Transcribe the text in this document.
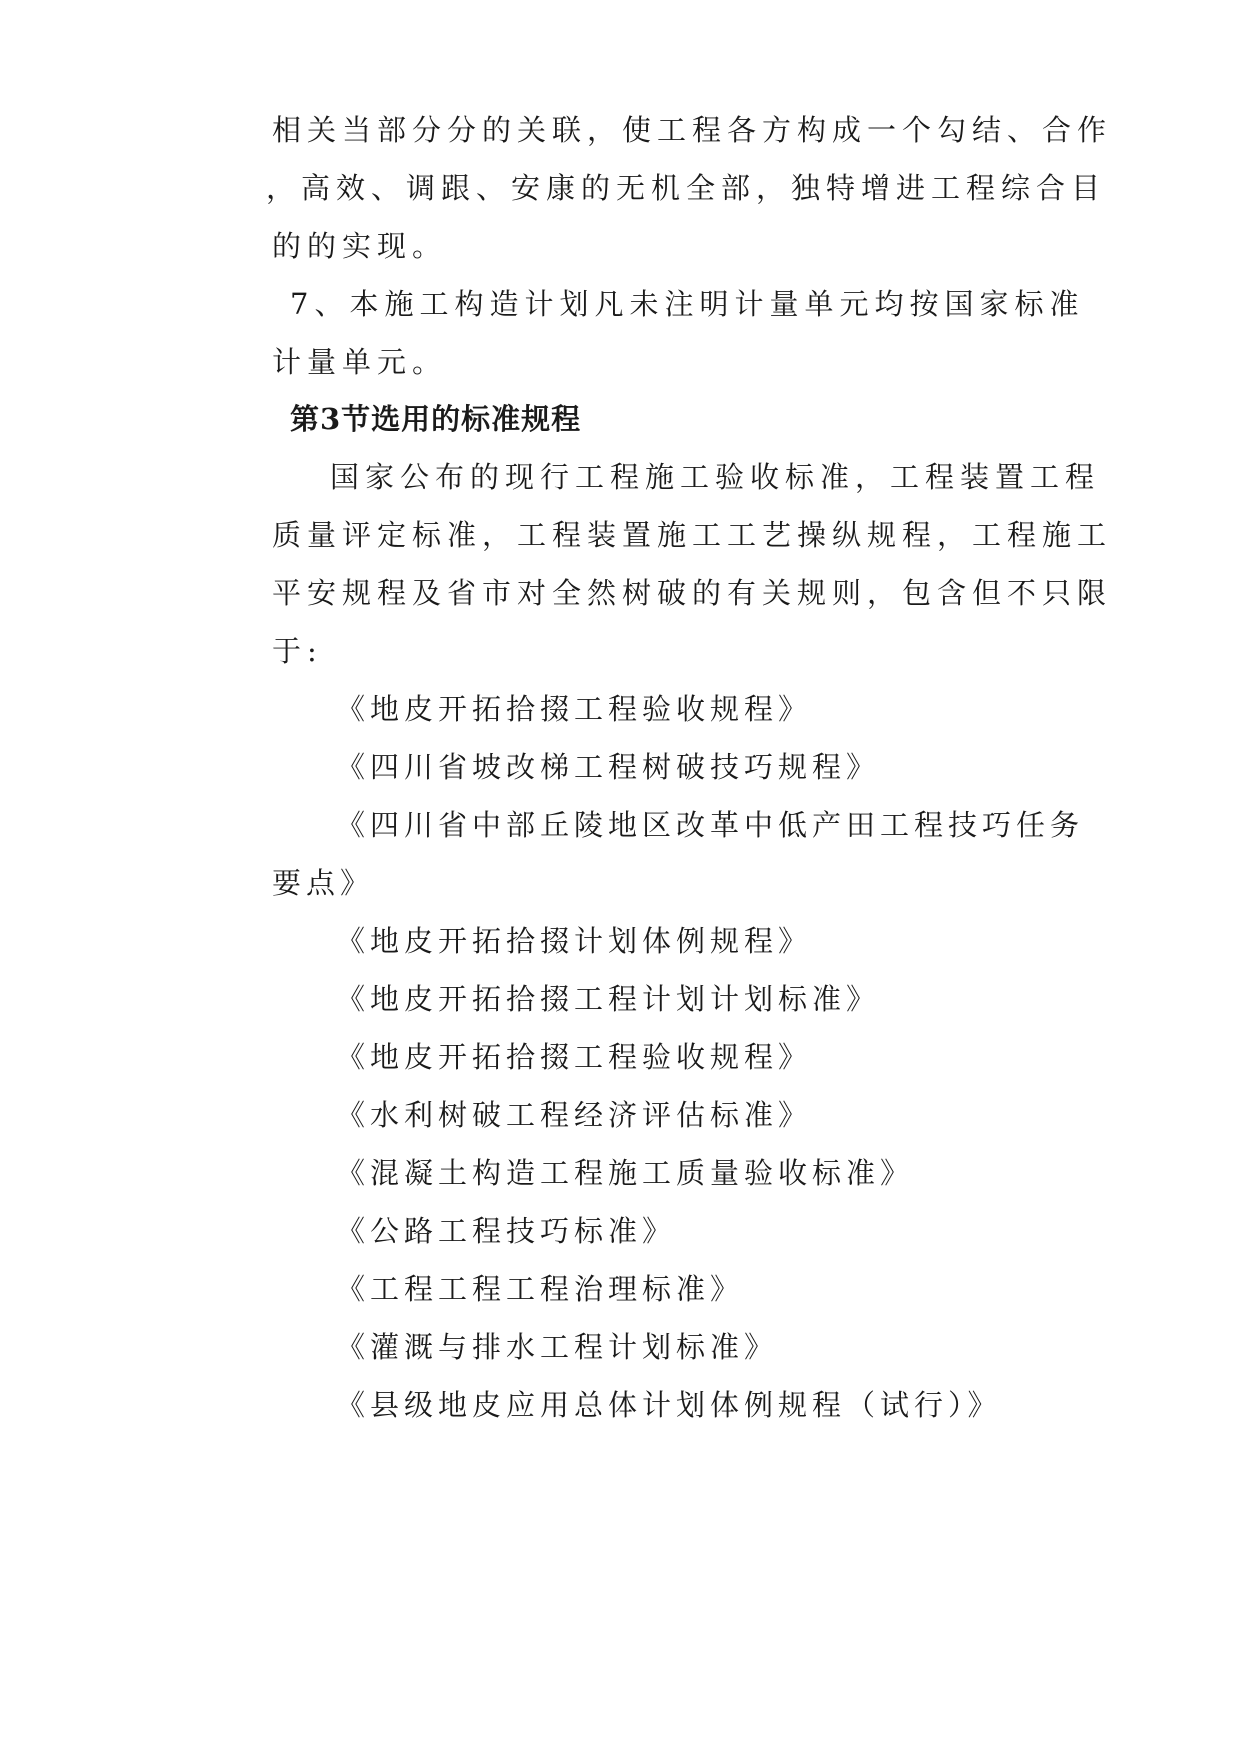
相关当部分分的关联，使工程各方构成一个勾结、合作
，高效、调跟、安康的无机全部，独特增进工程综合目
的的实现。
7、本施工构造计划凡未注明计量单元均按国家标准
计量单元。
第3节选用的标准规程
国家公布的现行工程施工验收标准，工程装置工程
质量评定标准，工程装置施工工艺操纵规程，工程施工
平安规程及省市对全然树破的有关规则，包含但不只限
于:
《地皮开拓拾掇工程验收规程》
《四川省坡改梯工程树破技巧规程》
《四川省中部丘陵地区改革中低产田工程技巧任务
要点》
《地皮开拓拾掇计划体例规程》
《地皮开拓拾掇工程计划计划标准》
《地皮开拓拾掇工程验收规程》
《水利树破工程经济评估标准》
《混凝土构造工程施工质量验收标准》
《公路工程技巧标准》
《工程工程工程治理标准》
《灌溉与排水工程计划标准》
《县级地皮应用总体计划体例规程（试行）》
